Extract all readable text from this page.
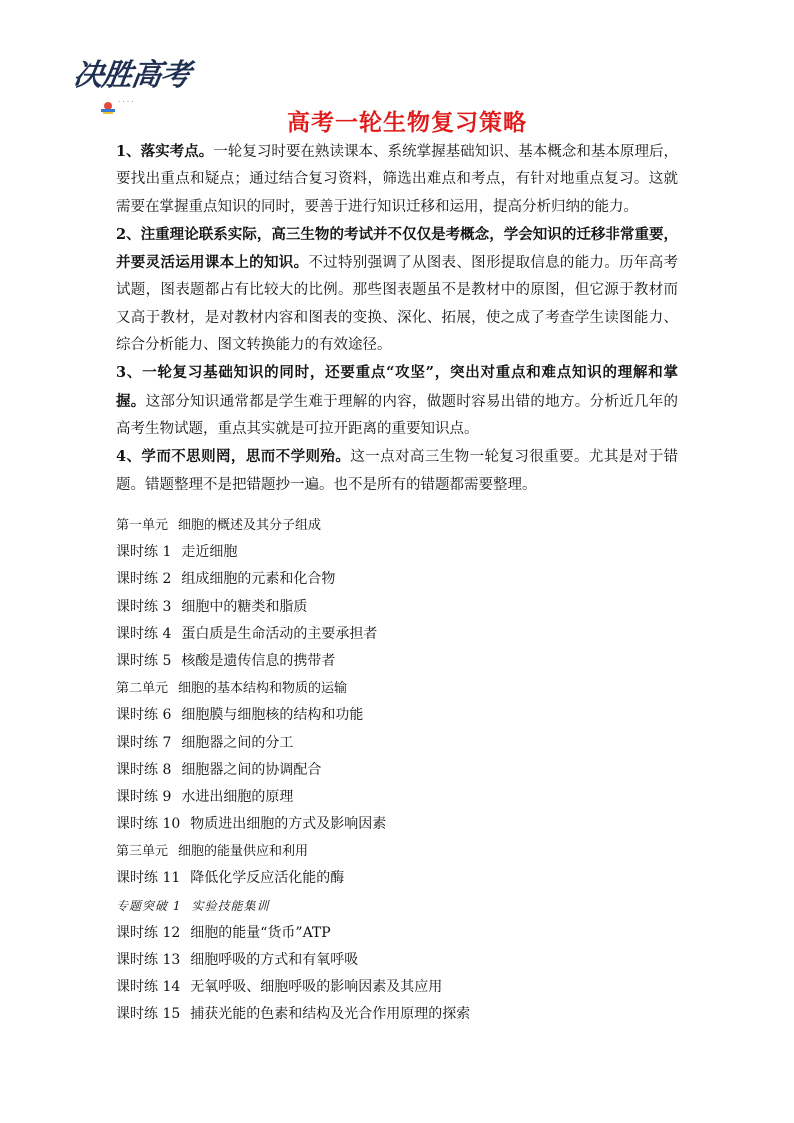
决胜高考
· · · ·
高考一轮生物复习策略

1、落实考点。一轮复习时要在熟读课本、系统掌握基础知识、基本概念和基本原理后，要找出重点和疑点；通过结合复习资料，筛选出难点和考点，有针对地重点复习。这就需要在掌握重点知识的同时，要善于进行知识迁移和运用，提高分析归纳的能力。

2、注重理论联系实际，高三生物的考试并不仅仅是考概念，学会知识的迁移非常重要，并要灵活运用课本上的知识。不过特别强调了从图表、图形提取信息的能力。历年高考试题，图表题都占有比较大的比例。那些图表题虽不是教材中的原图，但它源于教材而又高于教材，是对教材内容和图表的变换、深化、拓展，使之成了考查学生读图能力、综合分析能力、图文转换能力的有效途径。

3、一轮复习基础知识的同时，还要重点“攻坚”，突出对重点和难点知识的理解和掌握。这部分知识通常都是学生难于理解的内容，做题时容易出错的地方。分析近几年的高考生物试题，重点其实就是可拉开距离的重要知识点。

4、学而不思则罔，思而不学则殆。这一点对高三生物一轮复习很重要。尤其是对于错题。错题整理不是把错题抄一遍。也不是所有的错题都需要整理。

第一单元 细胞的概述及其分子组成
课时练 1 走近细胞
课时练 2 组成细胞的元素和化合物
课时练 3 细胞中的糖类和脂质
课时练 4 蛋白质是生命活动的主要承担者
课时练 5 核酸是遗传信息的携带者
第二单元 细胞的基本结构和物质的运输
课时练 6 细胞膜与细胞核的结构和功能
课时练 7 细胞器之间的分工
课时练 8 细胞器之间的协调配合
课时练 9 水进出细胞的原理
课时练 10 物质进出细胞的方式及影响因素
第三单元 细胞的能量供应和利用
课时练 11 降低化学反应活化能的酶
专题突破 1 实验技能集训
课时练 12 细胞的能量“货币”ATP
课时练 13 细胞呼吸的方式和有氧呼吸
课时练 14 无氧呼吸、细胞呼吸的影响因素及其应用
课时练 15 捕获光能的色素和结构及光合作用原理的探索
